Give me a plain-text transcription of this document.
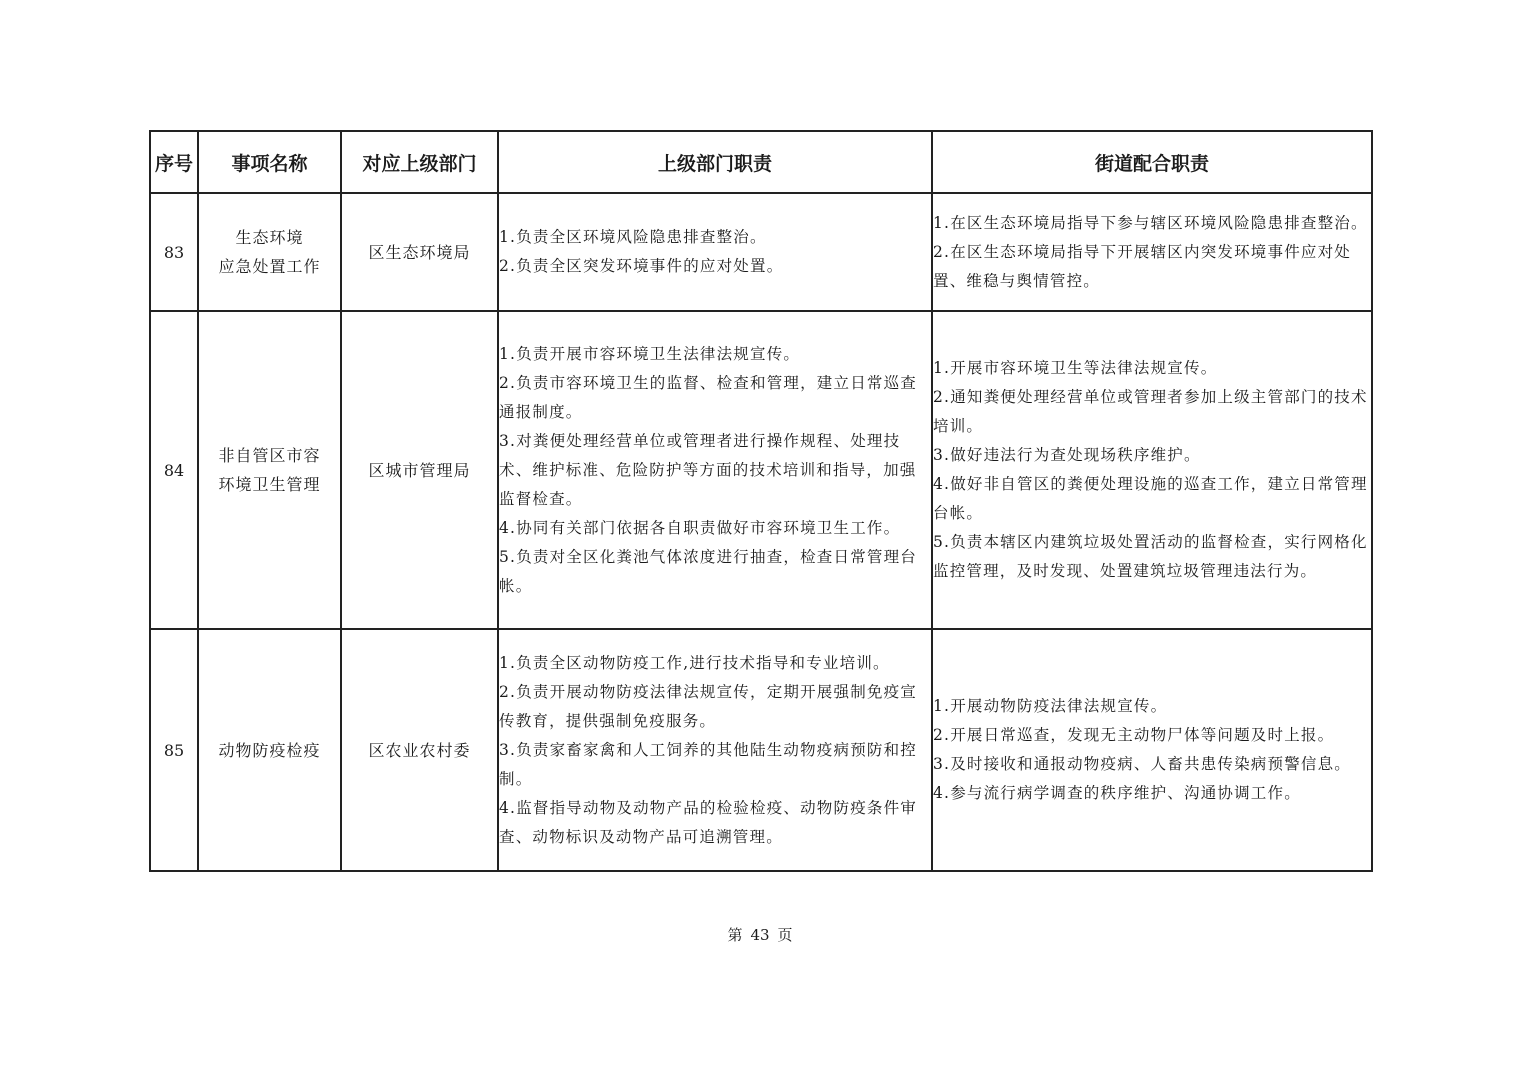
序号	事项名称	对应上级部门	上级部门职责	街道配合职责
83	生态环境
应急处置工作	区生态环境局	1.负责全区环境风险隐患排查整治。
2.负责全区突发环境事件的应对处置。	1.在区生态环境局指导下参与辖区环境风险隐患排查整治。
2.在区生态环境局指导下开展辖区内突发环境事件应对处置、维稳与舆情管控。

84	非自管区市容
环境卫生管理	区城市管理局	1.负责开展市容环境卫生法律法规宣传。
2.负责市容环境卫生的监督、检查和管理，建立日常巡查通报制度。
3.对粪便处理经营单位或管理者进行操作规程、处理技术、维护标准、危险防护等方面的技术培训和指导，加强监督检查。
4.协同有关部门依据各自职责做好市容环境卫生工作。
5.负责对全区化粪池气体浓度进行抽查，检查日常管理台帐。	1.开展市容环境卫生等法律法规宣传。
2.通知粪便处理经营单位或管理者参加上级主管部门的技术培训。
3.做好违法行为查处现场秩序维护。
4.做好非自管区的粪便处理设施的巡查工作，建立日常管理台帐。
5.负责本辖区内建筑垃圾处置活动的监督检查，实行网格化监控管理，及时发现、处置建筑垃圾管理违法行为。

85	动物防疫检疫	区农业农村委	1.负责全区动物防疫工作,进行技术指导和专业培训。
2.负责开展动物防疫法律法规宣传，定期开展强制免疫宣传教育，提供强制免疫服务。
3.负责家畜家禽和人工饲养的其他陆生动物疫病预防和控制。
4.监督指导动物及动物产品的检验检疫、动物防疫条件审查、动物标识及动物产品可追溯管理。	1.开展动物防疫法律法规宣传。
2.开展日常巡查，发现无主动物尸体等问题及时上报。
3.及时接收和通报动物疫病、人畜共患传染病预警信息。
4.参与流行病学调查的秩序维护、沟通协调工作。
第 43 页
